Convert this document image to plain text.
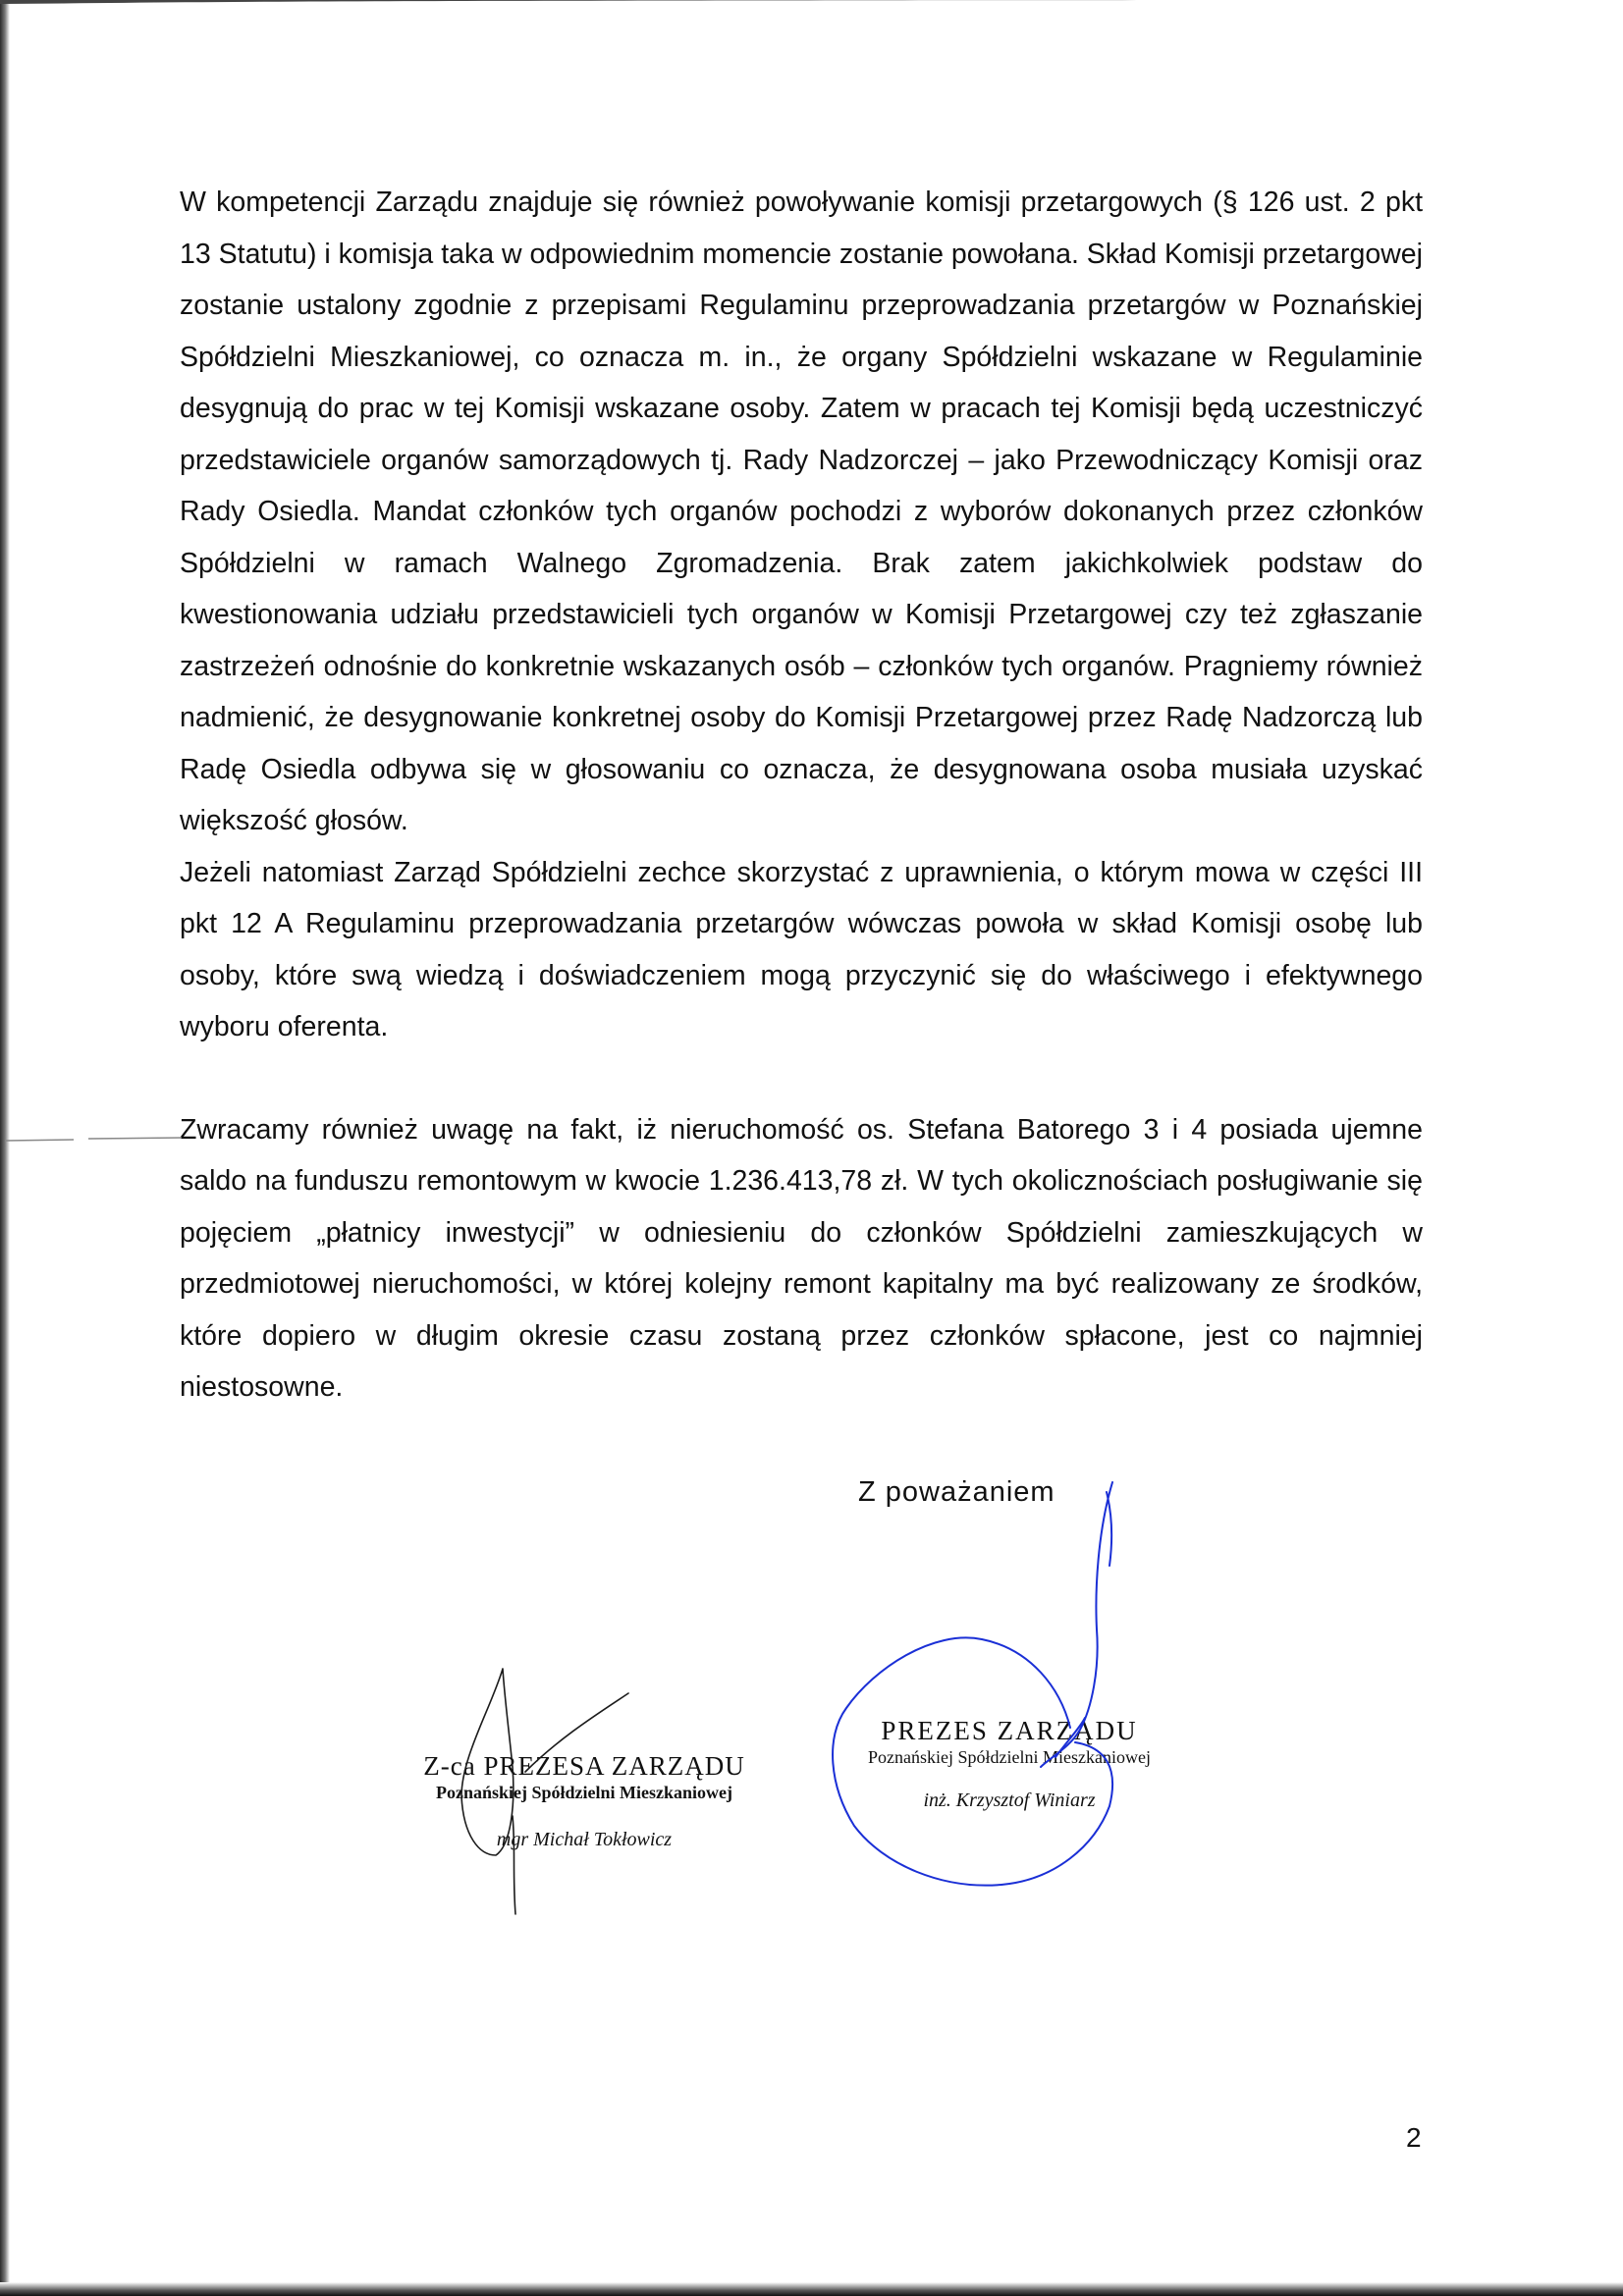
W kompetencji Zarządu znajduje się również powoływanie komisji przetargowych (§ 126 ust. 2 pkt 13 Statutu) i komisja taka w odpowiednim momencie zostanie powołana. Skład Komisji przetargowej zostanie ustalony zgodnie z przepisami Regulaminu przeprowadzania przetargów w Poznańskiej Spółdzielni Mieszkaniowej, co oznacza m. in., że organy Spółdzielni wskazane w Regulaminie desygnują do prac w tej Komisji wskazane osoby. Zatem w pracach tej Komisji będą uczestniczyć przedstawiciele organów samorządowych tj. Rady Nadzorczej – jako Przewodniczący Komisji oraz Rady Osiedla. Mandat członków tych organów pochodzi z wyborów dokonanych przez członków Spółdzielni w ramach Walnego Zgromadzenia. Brak zatem jakichkolwiek podstaw do kwestionowania udziału przedstawicieli tych organów w Komisji Przetargowej czy też zgłaszanie zastrzeżeń odnośnie do konkretnie wskazanych osób – członków tych organów. Pragniemy również nadmienić, że desygnowanie konkretnej osoby do Komisji Przetargowej przez Radę Nadzorczą lub Radę Osiedla odbywa się w głosowaniu co oznacza, że desygnowana osoba musiała uzyskać większość głosów.

Jeżeli natomiast Zarząd Spółdzielni zechce skorzystać z uprawnienia, o którym mowa w części III pkt 12 A Regulaminu przeprowadzania przetargów wówczas powoła w skład Komisji osobę lub osoby, które swą wiedzą i doświadczeniem mogą przyczynić się do właściwego i efektywnego wyboru oferenta.

Zwracamy również uwagę na fakt, iż nieruchomość os. Stefana Batorego 3 i 4 posiada ujemne saldo na funduszu remontowym w kwocie 1.236.413,78 zł. W tych okolicznościach posługiwanie się pojęciem „płatnicy inwestycji” w odniesieniu do członków Spółdzielni zamieszkujących w przedmiotowej nieruchomości, w której kolejny remont kapitalny ma być realizowany ze środków, które dopiero w długim okresie czasu zostaną przez członków spłacone, jest co najmniej niestosowne.

Z poważaniem
Z-ca PREZESA ZARZĄDU
Poznańskiej Spółdzielni Mieszkaniowej
mgr Michał Tokłowicz
PREZES ZARZĄDU
Poznańskiej Spółdzielni Mieszkaniowej
inż. Krzysztof Winiarz
2
